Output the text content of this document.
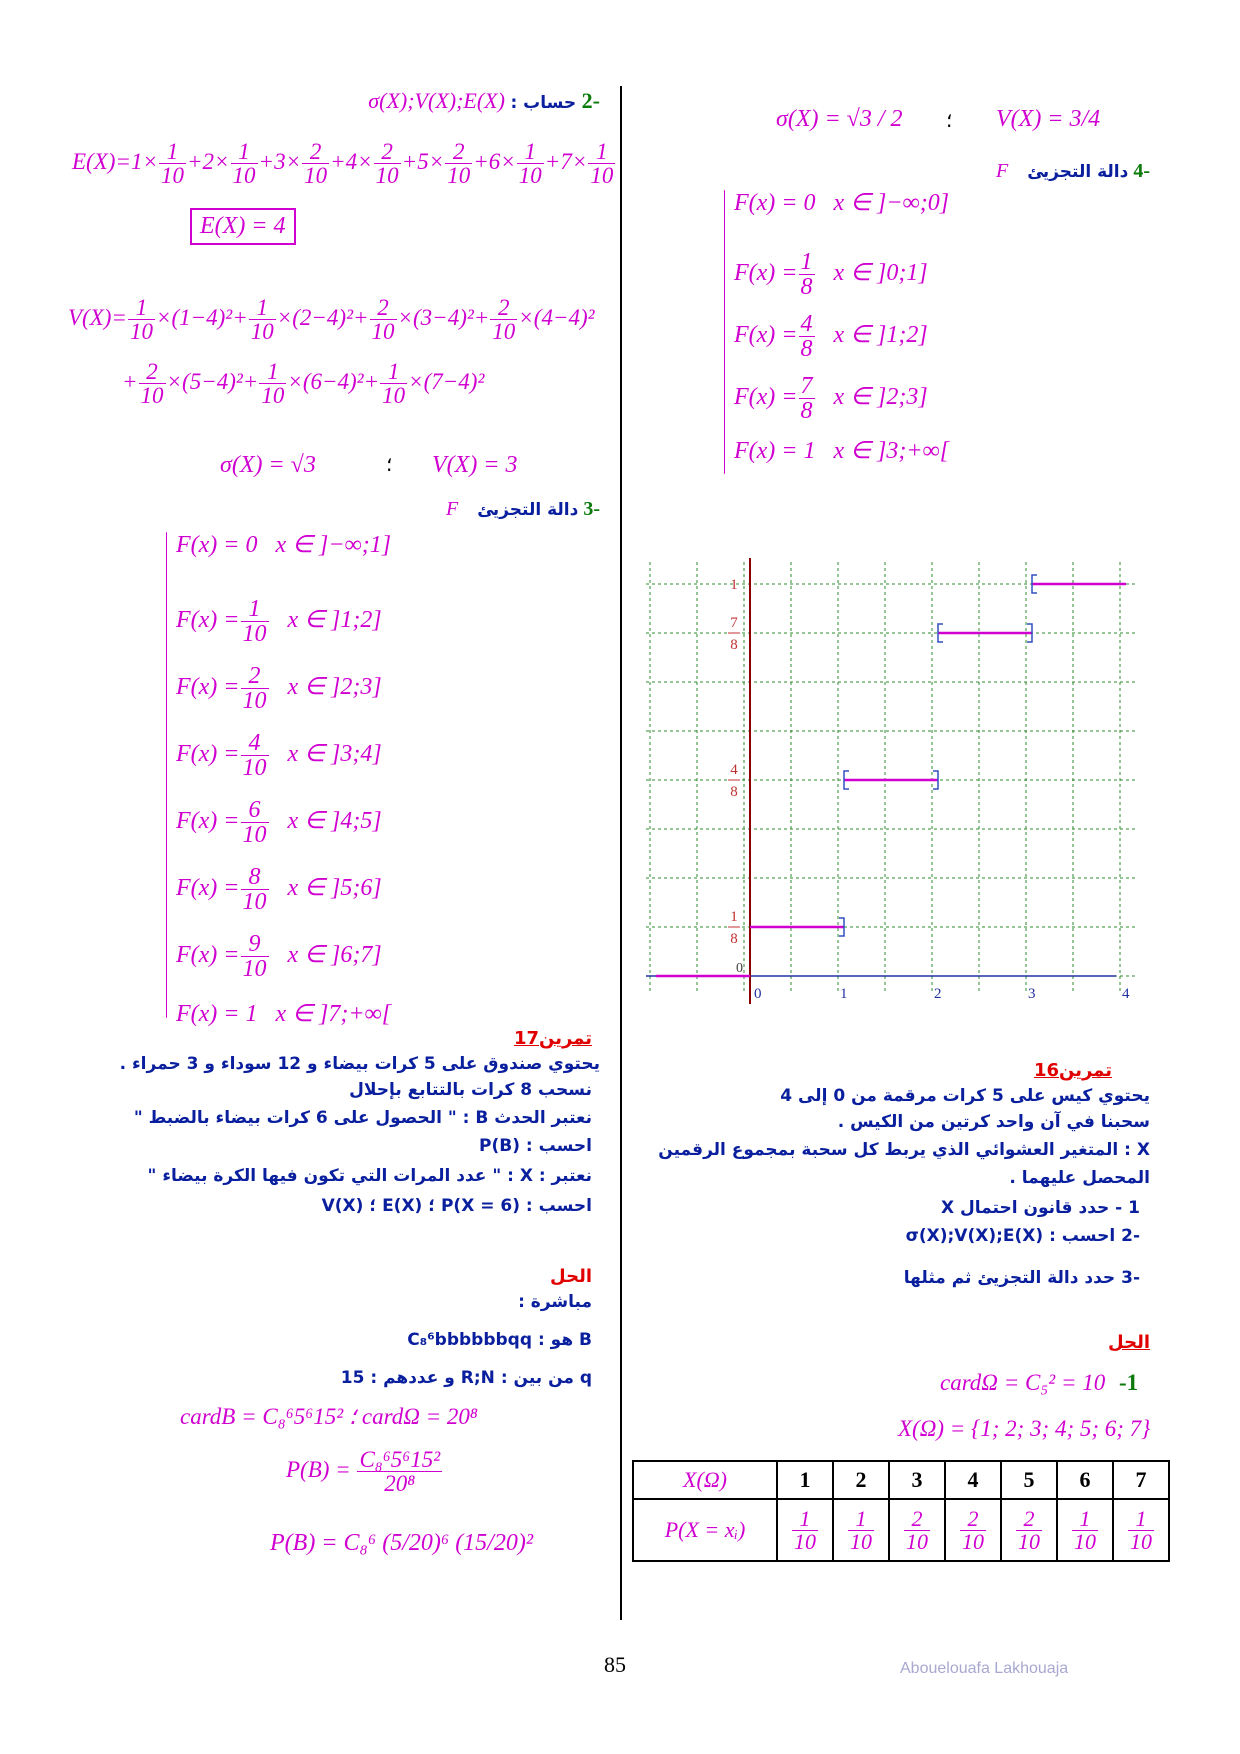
-2 حساب : σ(X);V(X);E(X)
$E(X)=1\times \frac{1}{10} +2\times \frac{1}{10} +3\times \frac{2}{10} +4\times \frac{2}{10} +5\times \frac{2}{10} +6\times \frac{1}{10} +7\times \frac{1}{10}$
E(X) = 4
$V(X)= \frac{1}{10} \times(1-4)^2+ \frac{1}{10} \times(2-4)^2+ \frac{2}{10} \times(3-4)^2+ \frac{2}{10} \times(4-4)^2$
+ $\frac{2}{10} \times(5-4)^2+ \frac{1}{10} \times(6-4)^2+ \frac{1}{10} \times(7-4)^2$
σ(X) = √3	؛ V(X) = 3
-3 دالة التجزيئ F
F(x) = 0 x ∈ ]−∞;1]
$F(x) = \frac{1}{10}$ x ∈ ]1;2]
$F(x) = \frac{2}{10}$ x ∈ ]2;3]
$F(x) = \frac{4}{10}$ x ∈ ]3;4]
$F(x) = \frac{6}{10}$ x ∈ ]4;5]
$F(x) = \frac{8}{10}$ x ∈ ]5;6]
$F(x) = \frac{9}{10}$ x ∈ ]6;7]
F(x) = 1 x ∈ ]7;+∞[
تمرين17
يحتوي صندوق على 5 كرات بيضاء و 12 سوداء و 3 حمراء .
نسحب 8 كرات بالتتابع بإحلال
نعتبر الحدث B : " الحصول على 6 كرات بيضاء بالضبط "
احسب : P(B)
نعتبر : X : " عدد المرات التي تكون فيها الكرة بيضاء "
احسب : P(X = 6) ؛ E(X) ؛ V(X)
الحل
مباشرة :
B هو : C₈⁶bbbbbbqq
q من بين : R;N و عددهم : 15
cardB = C₈⁶5⁶15² ؛ cardΩ = 20⁸
$P(B) = \frac{\text{C₈⁶5⁶15²}}{\text{20⁸}}$
P(B) = C₈⁶ (5/20)⁶ (15/20)²
σ(X) = √3 / 2 ؛ V(X) = 3/4
-4 دالة التجزيئ F
F(x) = 0 x ∈ ]−∞;0]
$F(x) = \frac{1}{8}$ x ∈ ]0;1]
$F(x) = \frac{4}{8}$ x ∈ ]1;2]
$F(x) = \frac{7}{8}$ x ∈ ]2;3]
F(x) = 1 x ∈ ]3;+∞[
0	1	2	3	4
1
8
4
8
7
8
1
0
تمرين16
يحتوي كيس على 5 كرات مرقمة من 0 إلى 4
سحبنا في آن واحد كرتين من الكيس .
X : المتغير العشوائي الذي يربط كل سحبة بمجموع الرقمين
المحصل عليهما .
1 - حدد قانون احتمال X
-2 احسب : σ(X);V(X);E(X)
-3 حدد دالة التجزيئ ثم مثلها
الحل
cardΩ = C₅² = 10 -1
X(Ω) = {1; 2; 3; 4; 5; 6; 7}
X(Ω)	1	2	3	4	5	6	7
P(X = xᵢ)	$\frac{1}{10}$	$\frac{1}{10}$	$\frac{2}{10}$	$\frac{2}{10}$	$\frac{2}{10}$	$\frac{1}{10}$	$\frac{1}{10}$
85	Abouelouafa Lakhouaja
